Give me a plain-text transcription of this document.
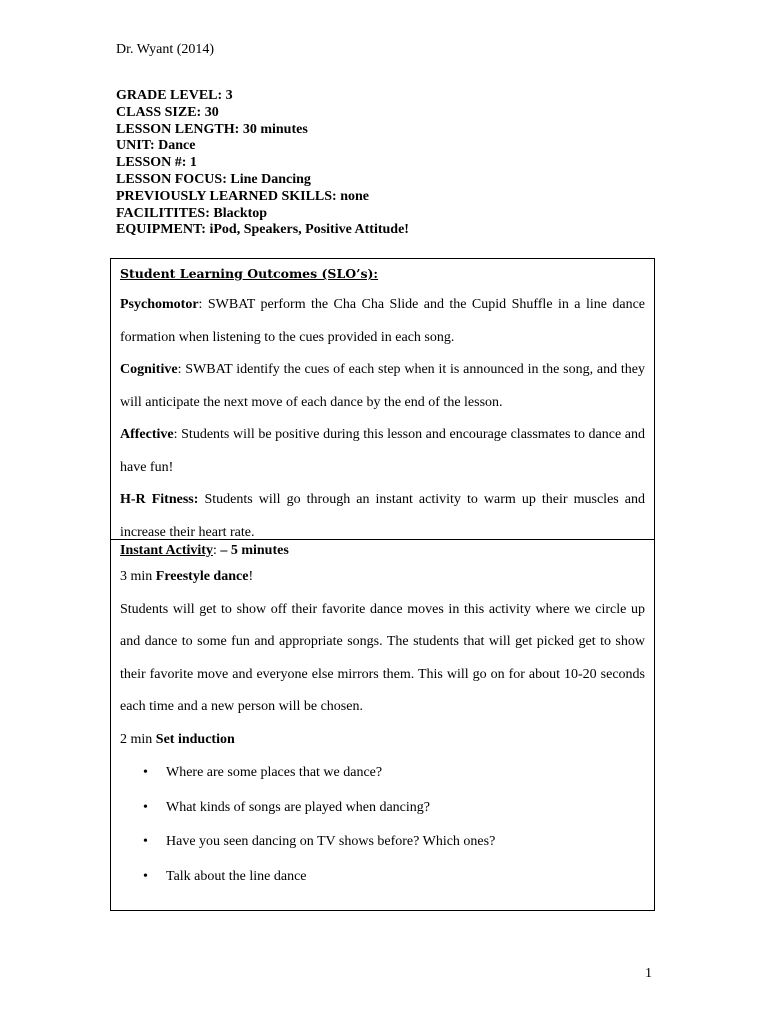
Dr. Wyant (2014)
GRADE LEVEL: 3
CLASS SIZE: 30
LESSON LENGTH: 30 minutes
UNIT: Dance
LESSON #: 1
LESSON FOCUS: Line Dancing
PREVIOUSLY LEARNED SKILLS: none
FACILITITES: Blacktop
EQUIPMENT: iPod, Speakers, Positive Attitude!
Student Learning Outcomes (SLO’s):

Psychomotor: SWBAT perform the Cha Cha Slide and the Cupid Shuffle in a line dance formation when listening to the cues provided in each song.

Cognitive: SWBAT identify the cues of each step when it is announced in the song, and they will anticipate the next move of each dance by the end of the lesson.

Affective: Students will be positive during this lesson and encourage classmates to dance and have fun!

H-R Fitness: Students will go through an instant activity to warm up their muscles and increase their heart rate.

Instant Activity: – 5 minutes

3 min Freestyle dance!

Students will get to show off their favorite dance moves in this activity where we circle up and dance to some fun and appropriate songs. The students that will get picked get to show their favorite move and everyone else mirrors them. This will go on for about 10-20 seconds each time and a new person will be chosen.

2 min Set induction

• Where are some places that we dance?
• What kinds of songs are played when dancing?
• Have you seen dancing on TV shows before? Which ones?
• Talk about the line dance
1
